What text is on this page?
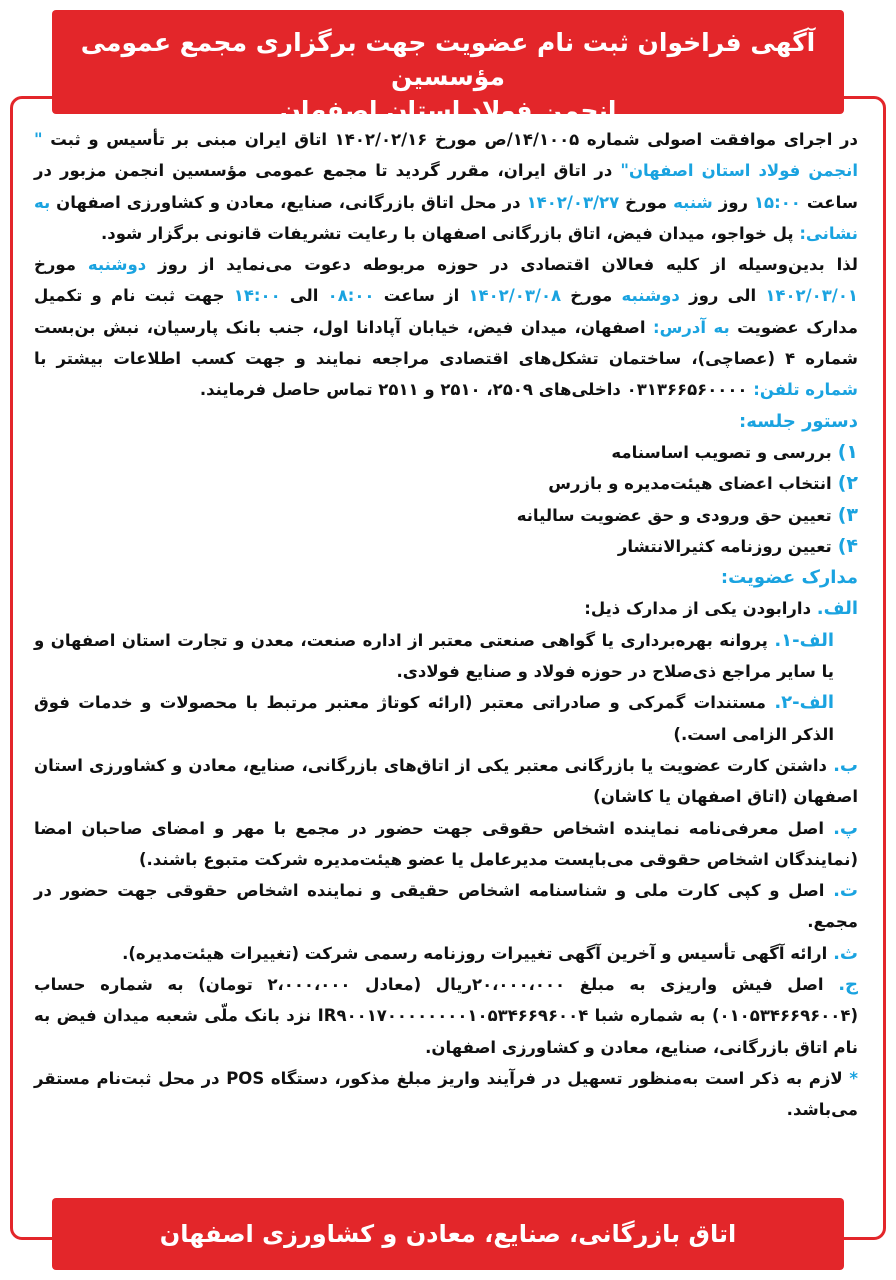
آگهی فراخوان ثبت نام عضویت جهت برگزاری مجمع عمومی مؤسسین
انجمن فولاد استان اصفهان

در اجرای موافقت اصولی شماره ۱۴/۱۰۰۵/ص مورخ ۱۴۰۲/۰۲/۱۶ اتاق ایران مبنی بر تأسیس و ثبت " انجمن فولاد استان اصفهان" در اتاق ایران، مقرر گردید تا مجمع عمومی مؤسسین انجمن مزبور در ساعت ۱۵:۰۰ روز شنبه مورخ ۱۴۰۲/۰۳/۲۷ در محل اتاق بازرگانی، صنایع، معادن و کشاورزی اصفهان به نشانی: پل خواجو، میدان فیض، اتاق بازرگانی اصفهان با رعایت تشریفات قانونی برگزار شود.

لذا بدین‌وسیله از کلیه فعالان اقتصادی در حوزه مربوطه دعوت می‌نماید از روز دوشنبه مورخ ۱۴۰۲/۰۳/۰۱ الی روز دوشنبه مورخ ۱۴۰۲/۰۳/۰۸ از ساعت ۰۸:۰۰ الی ۱۴:۰۰ جهت ثبت نام و تکمیل مدارک عضویت به آدرس: اصفهان، میدان فیض، خیابان آپادانا اول، جنب بانک پارسیان، نبش بن‌بست شماره ۴ (عصاچی)، ساختمان تشکل‌های اقتصادی مراجعه نمایند و جهت کسب اطلاعات بیشتر با شماره تلفن: ۰۳۱۳۶۶۵۶۰۰۰۰ داخلی‌های ۲۵۰۹، ۲۵۱۰ و ۲۵۱۱ تماس حاصل فرمایند.

دستور جلسه:

۱)بررسی و تصویب اساسنامه

۲)انتخاب اعضای هیئت‌مدیره و بازرس

۳)تعیین حق ورودی و حق عضویت سالیانه

۴)تعیین روزنامه کثیرالانتشار

مدارک عضویت:

الف. دارابودن یکی از مدارک ذیل:

الف-۱. پروانه بهره‌برداری یا گواهی صنعتی معتبر از اداره صنعت، معدن و تجارت استان اصفهان و یا سایر مراجع ذی‌صلاح در حوزه فولاد و صنایع فولادی.

الف-۲. مستندات گمرکی و صادراتی معتبر (ارائه کوتاژ معتبر مرتبط با محصولات و خدمات فوق الذکر الزامی است.)

ب. داشتن کارت عضویت یا بازرگانی معتبر یکی از اتاق‌های بازرگانی، صنایع، معادن و کشاورزی استان اصفهان (اتاق اصفهان یا کاشان)

پ. اصل معرفی‌نامه نماینده اشخاص حقوقی جهت حضور در مجمع با مهر و امضای صاحبان امضا (نمایندگان اشخاص حقوقی می‌بایست مدیرعامل یا عضو هیئت‌مدیره شرکت متبوع باشند.)

ت. اصل و کپی کارت ملی و شناسنامه اشخاص حقیقی و نماینده اشخاص حقوقی جهت حضور در مجمع.

ث. ارائه آگهی تأسیس و آخرین آگهی تغییرات روزنامه رسمی شرکت (تغییرات هیئت‌مدیره).

ج. اصل فیش واریزی به مبلغ ۲۰،۰۰۰،۰۰۰ریال (معادل ۲،۰۰۰،۰۰۰ تومان) به شماره حساب (۰۱۰۵۳۴۶۶۹۶۰۰۴) به شماره شبا IR۹۰۰۱۷۰۰۰۰۰۰۰۰۱۰۵۳۴۶۶۹۶۰۰۴ نزد بانک ملّی شعبه میدان فیض به نام اتاق بازرگانی، صنایع، معادن و کشاورزی اصفهان.

* لازم به ذکر است به‌منظور تسهیل در فرآیند واریز مبلغ مذکور، دستگاه POS در محل ثبت‌نام مستقر می‌باشد.

اتاق بازرگانی، صنایع، معادن و کشاورزی اصفهان
